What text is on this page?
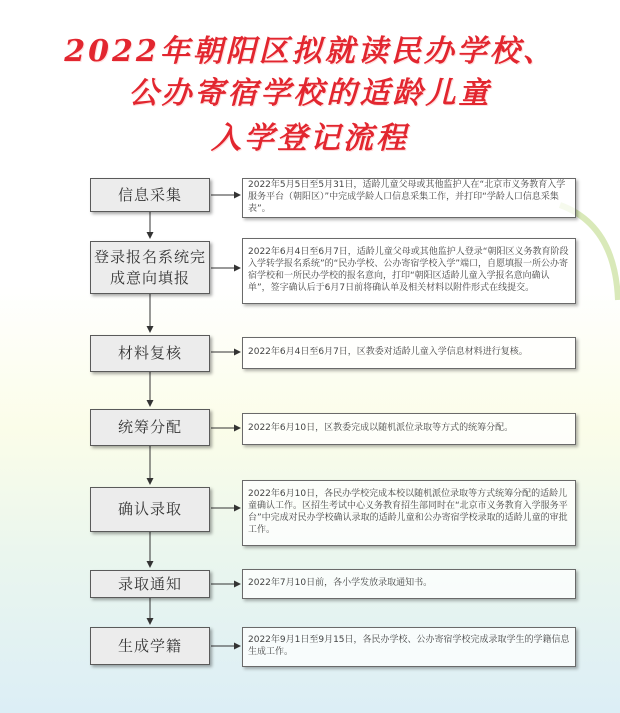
2022年朝阳区拟就读民办学校、
公办寄宿学校的适龄儿童
入学登记流程
信息采集
登录报名系统完成意向填报
材料复核
统筹分配
确认录取
录取通知
生成学籍
2022年5月5日至5月31日，适龄儿童父母或其他监护人在“北京市义务教育入学服务平台（朝阳区）”中完成学龄人口信息采集工作，并打印“学龄人口信息采集表”。
2022年6月4日至6月7日，适龄儿童父母或其他监护人登录“朝阳区义务教育阶段入学转学报名系统”的“民办学校、公办寄宿学校入学”端口，自愿填报一所公办寄宿学校和一所民办学校的报名意向，打印“朝阳区适龄儿童入学报名意向确认单”，签字确认后于6月7日前将确认单及相关材料以附件形式在线提交。
2022年6月4日至6月7日，区教委对适龄儿童入学信息材料进行复核。
2022年6月10日，区教委完成以随机派位录取等方式的统筹分配。
2022年6月10日，各民办学校完成本校以随机派位录取等方式统筹分配的适龄儿童确认工作。区招生考试中心义务教育招生部同时在“北京市义务教育入学服务平台”中完成对民办学校确认录取的适龄儿童和公办寄宿学校录取的适龄儿童的审批工作。
2022年7月10日前，各小学发放录取通知书。
2022年9月1日至9月15日，各民办学校、公办寄宿学校完成录取学生的学籍信息生成工作。
